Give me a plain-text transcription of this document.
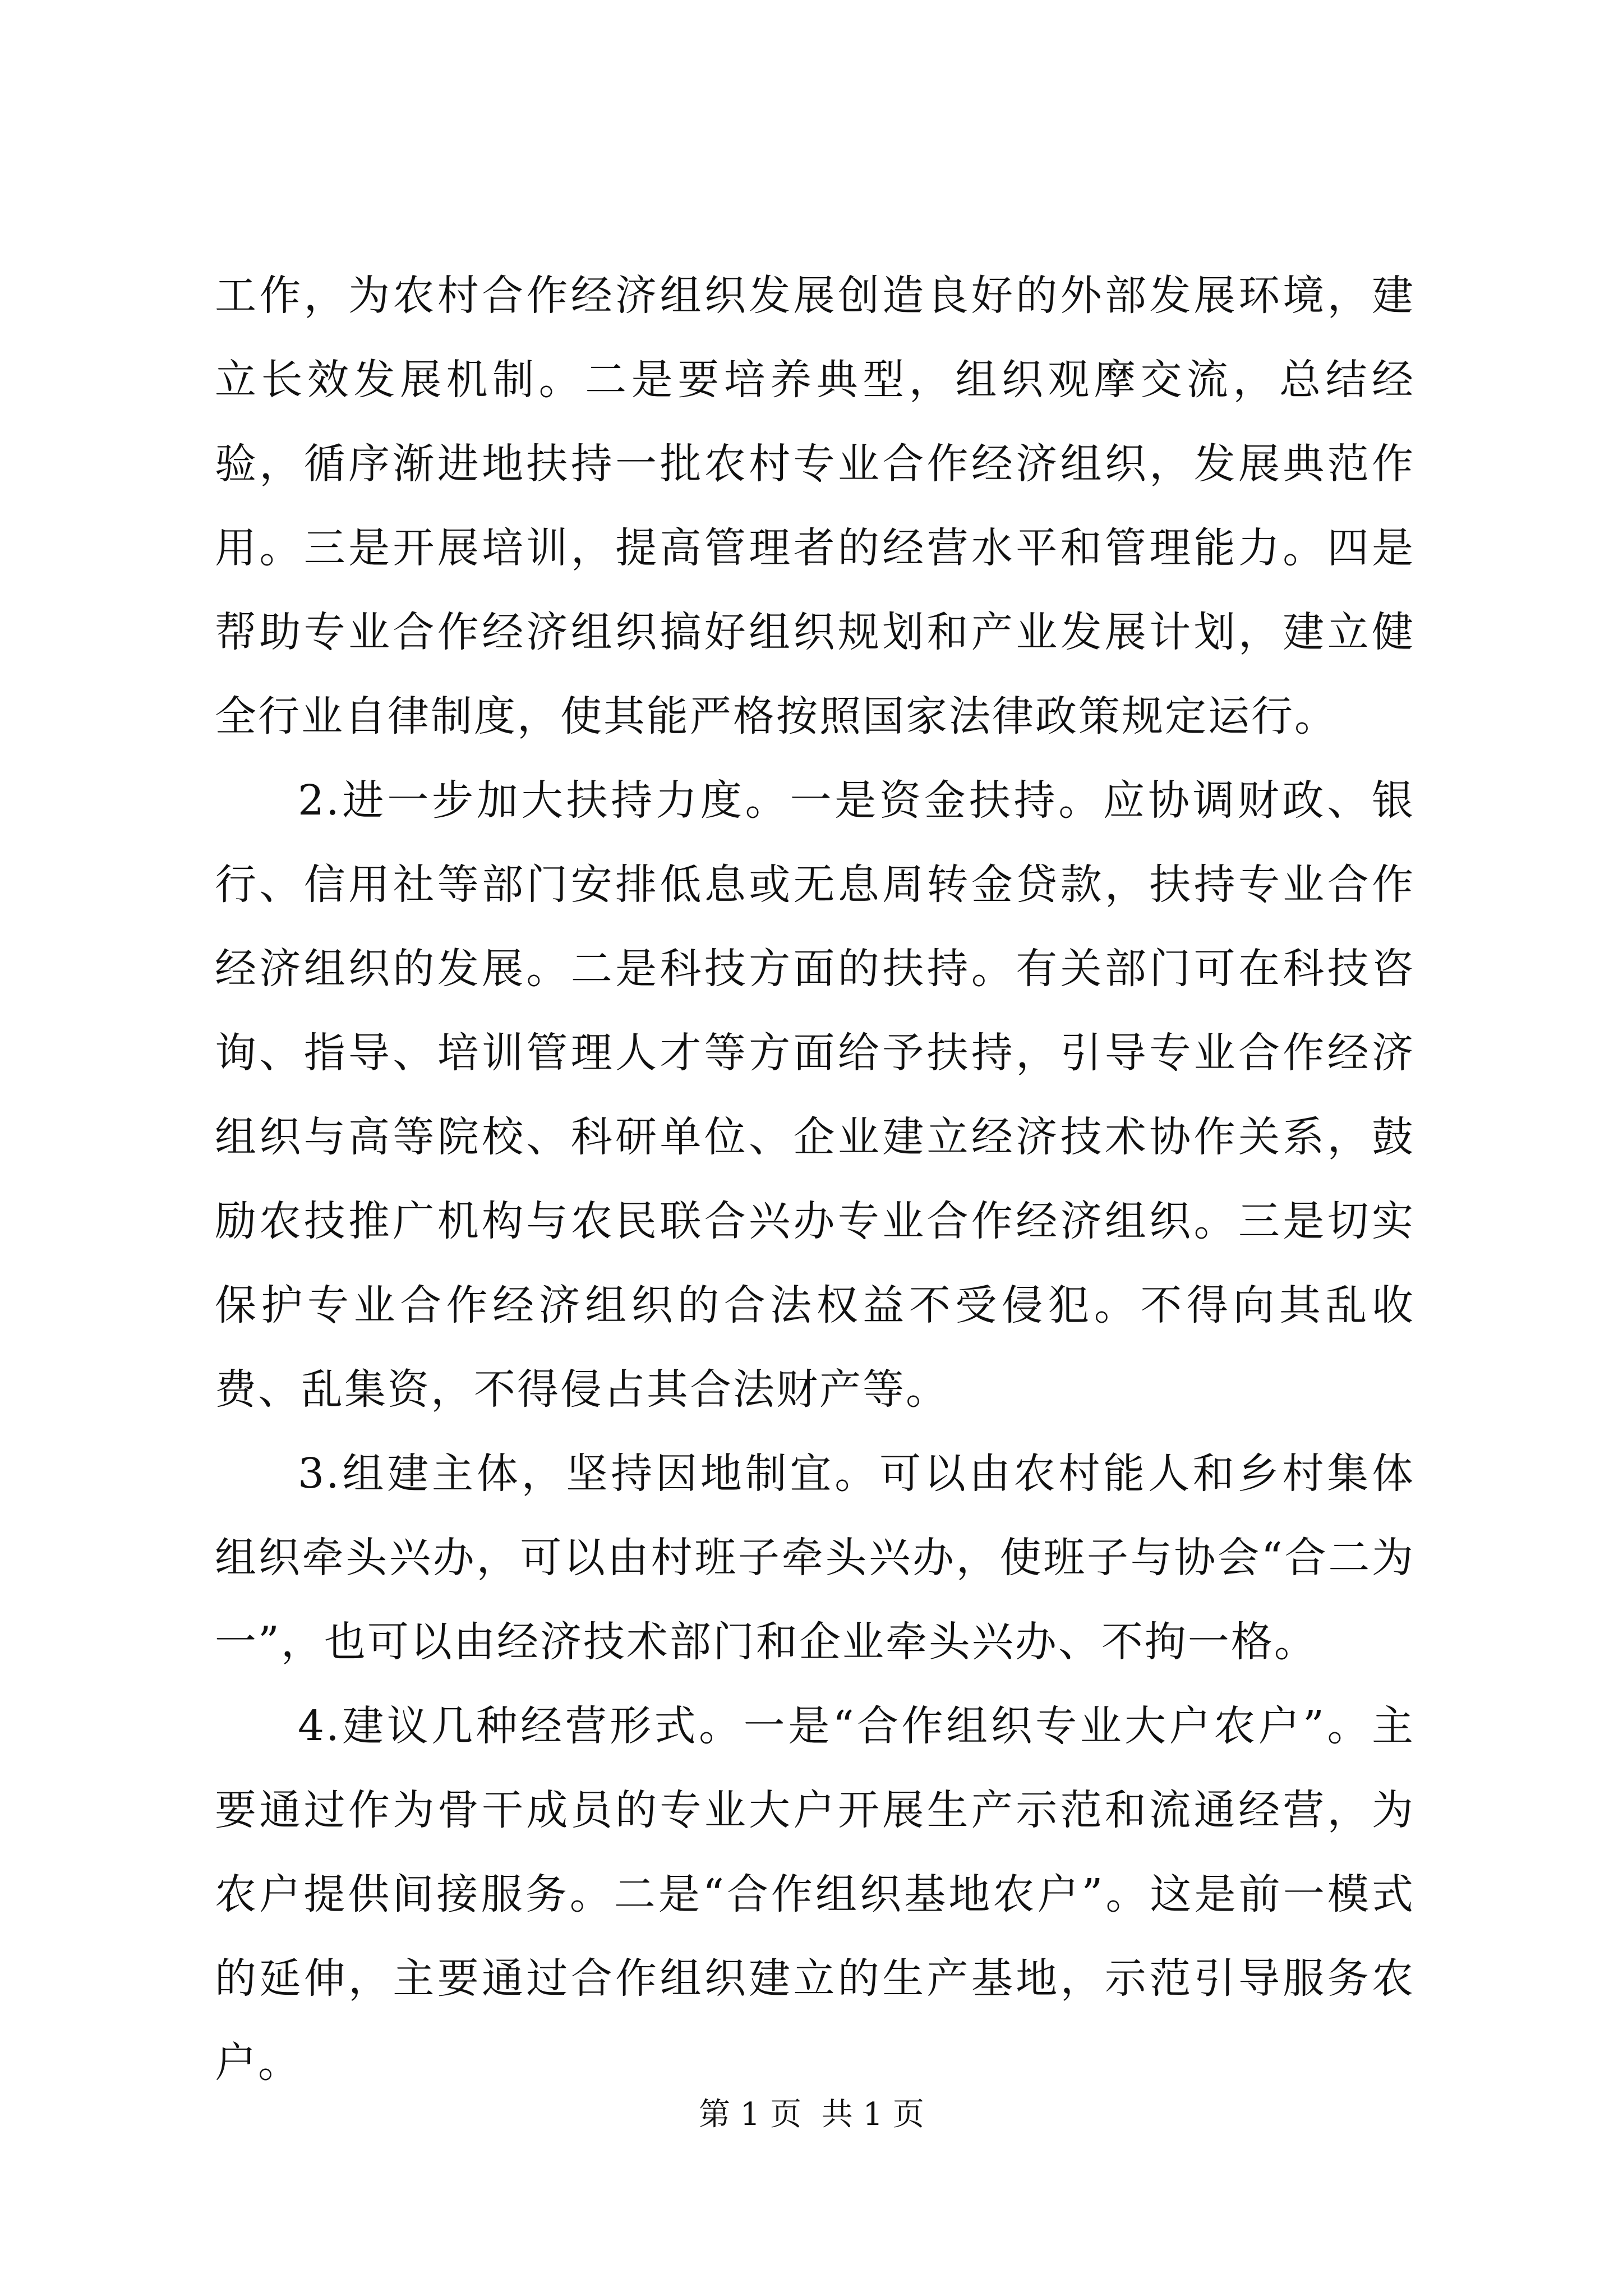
工作，为农村合作经济组织发展创造良好的外部发展环境，建立长效发展机制。二是要培养典型，组织观摩交流，总结经验，循序渐进地扶持一批农村专业合作经济组织，发展典范作用。三是开展培训，提高管理者的经营水平和管理能力。四是帮助专业合作经济组织搞好组织规划和产业发展计划，建立健全行业自律制度，使其能严格按照国家法律政策规定运行。

2.进一步加大扶持力度。一是资金扶持。应协调财政、银行、信用社等部门安排低息或无息周转金贷款，扶持专业合作经济组织的发展。二是科技方面的扶持。有关部门可在科技咨询、指导、培训管理人才等方面给予扶持，引导专业合作经济组织与高等院校、科研单位、企业建立经济技术协作关系，鼓励农技推广机构与农民联合兴办专业合作经济组织。三是切实保护专业合作经济组织的合法权益不受侵犯。不得向其乱收费、乱集资，不得侵占其合法财产等。

3.组建主体，坚持因地制宜。可以由农村能人和乡村集体组织牵头兴办，可以由村班子牵头兴办，使班子与协会“合二为一”，也可以由经济技术部门和企业牵头兴办、不拘一格。

4.建议几种经营形式。一是“合作组织专业大户农户”。主要通过作为骨干成员的专业大户开展生产示范和流通经营，为农户提供间接服务。二是“合作组织基地农户”。这是前一模式的延伸，主要通过合作组织建立的生产基地，示范引导服务农户。

第 1 页  共 1 页
